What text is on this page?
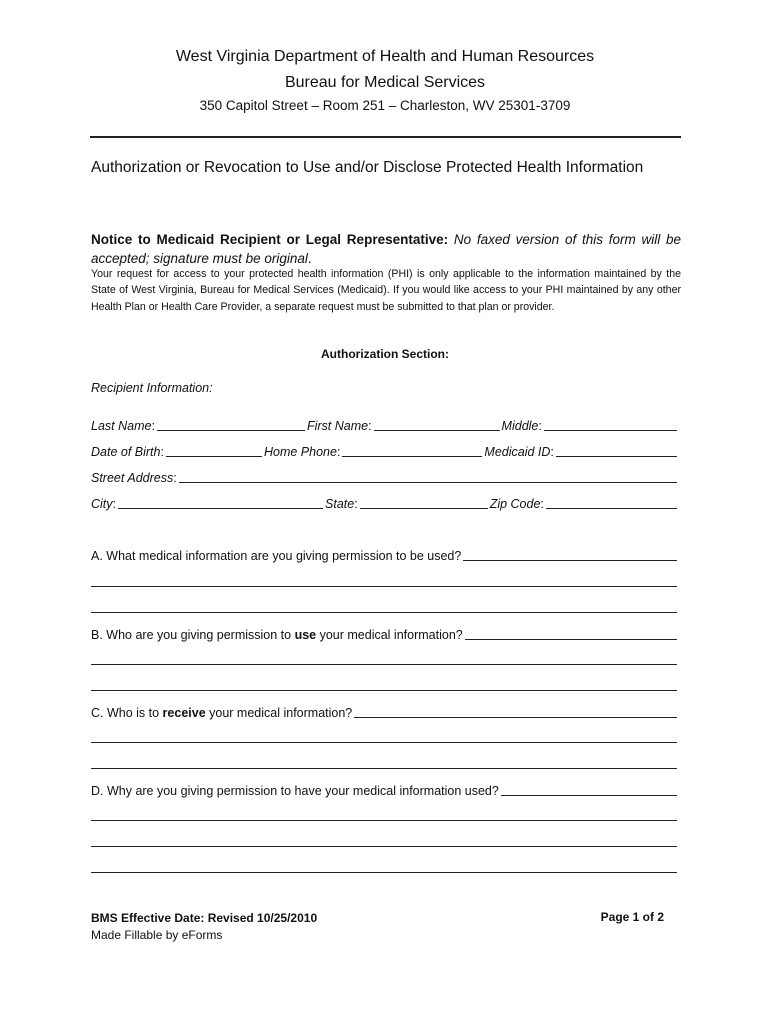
West Virginia Department of Health and Human Resources
Bureau for Medical Services
350 Capitol Street – Room 251 – Charleston, WV 25301-3709
Authorization or Revocation to Use and/or Disclose Protected Health Information
Notice to Medicaid Recipient or Legal Representative: No faxed version of this form will be accepted; signature must be original.
Your request for access to your protected health information (PHI) is only applicable to the information maintained by the State of West Virginia, Bureau for Medical Services (Medicaid). If you would like access to your PHI maintained by any other Health Plan or Health Care Provider, a separate request must be submitted to that plan or provider.
Authorization Section:
Recipient Information:
Last Name :	First Name :	Middle :
Date of Birth :	Home Phone :	Medicaid ID :
Street Address :
City :	State :	Zip Code :
A. What medical information are you giving permission to be used?
B. Who are you giving permission to use your medical information?
C. Who is to receive your medical information?
D. Why are you giving permission to have your medical information used?
BMS Effective Date: Revised 10/25/2010
Made Fillable by eForms
Page 1 of 2
